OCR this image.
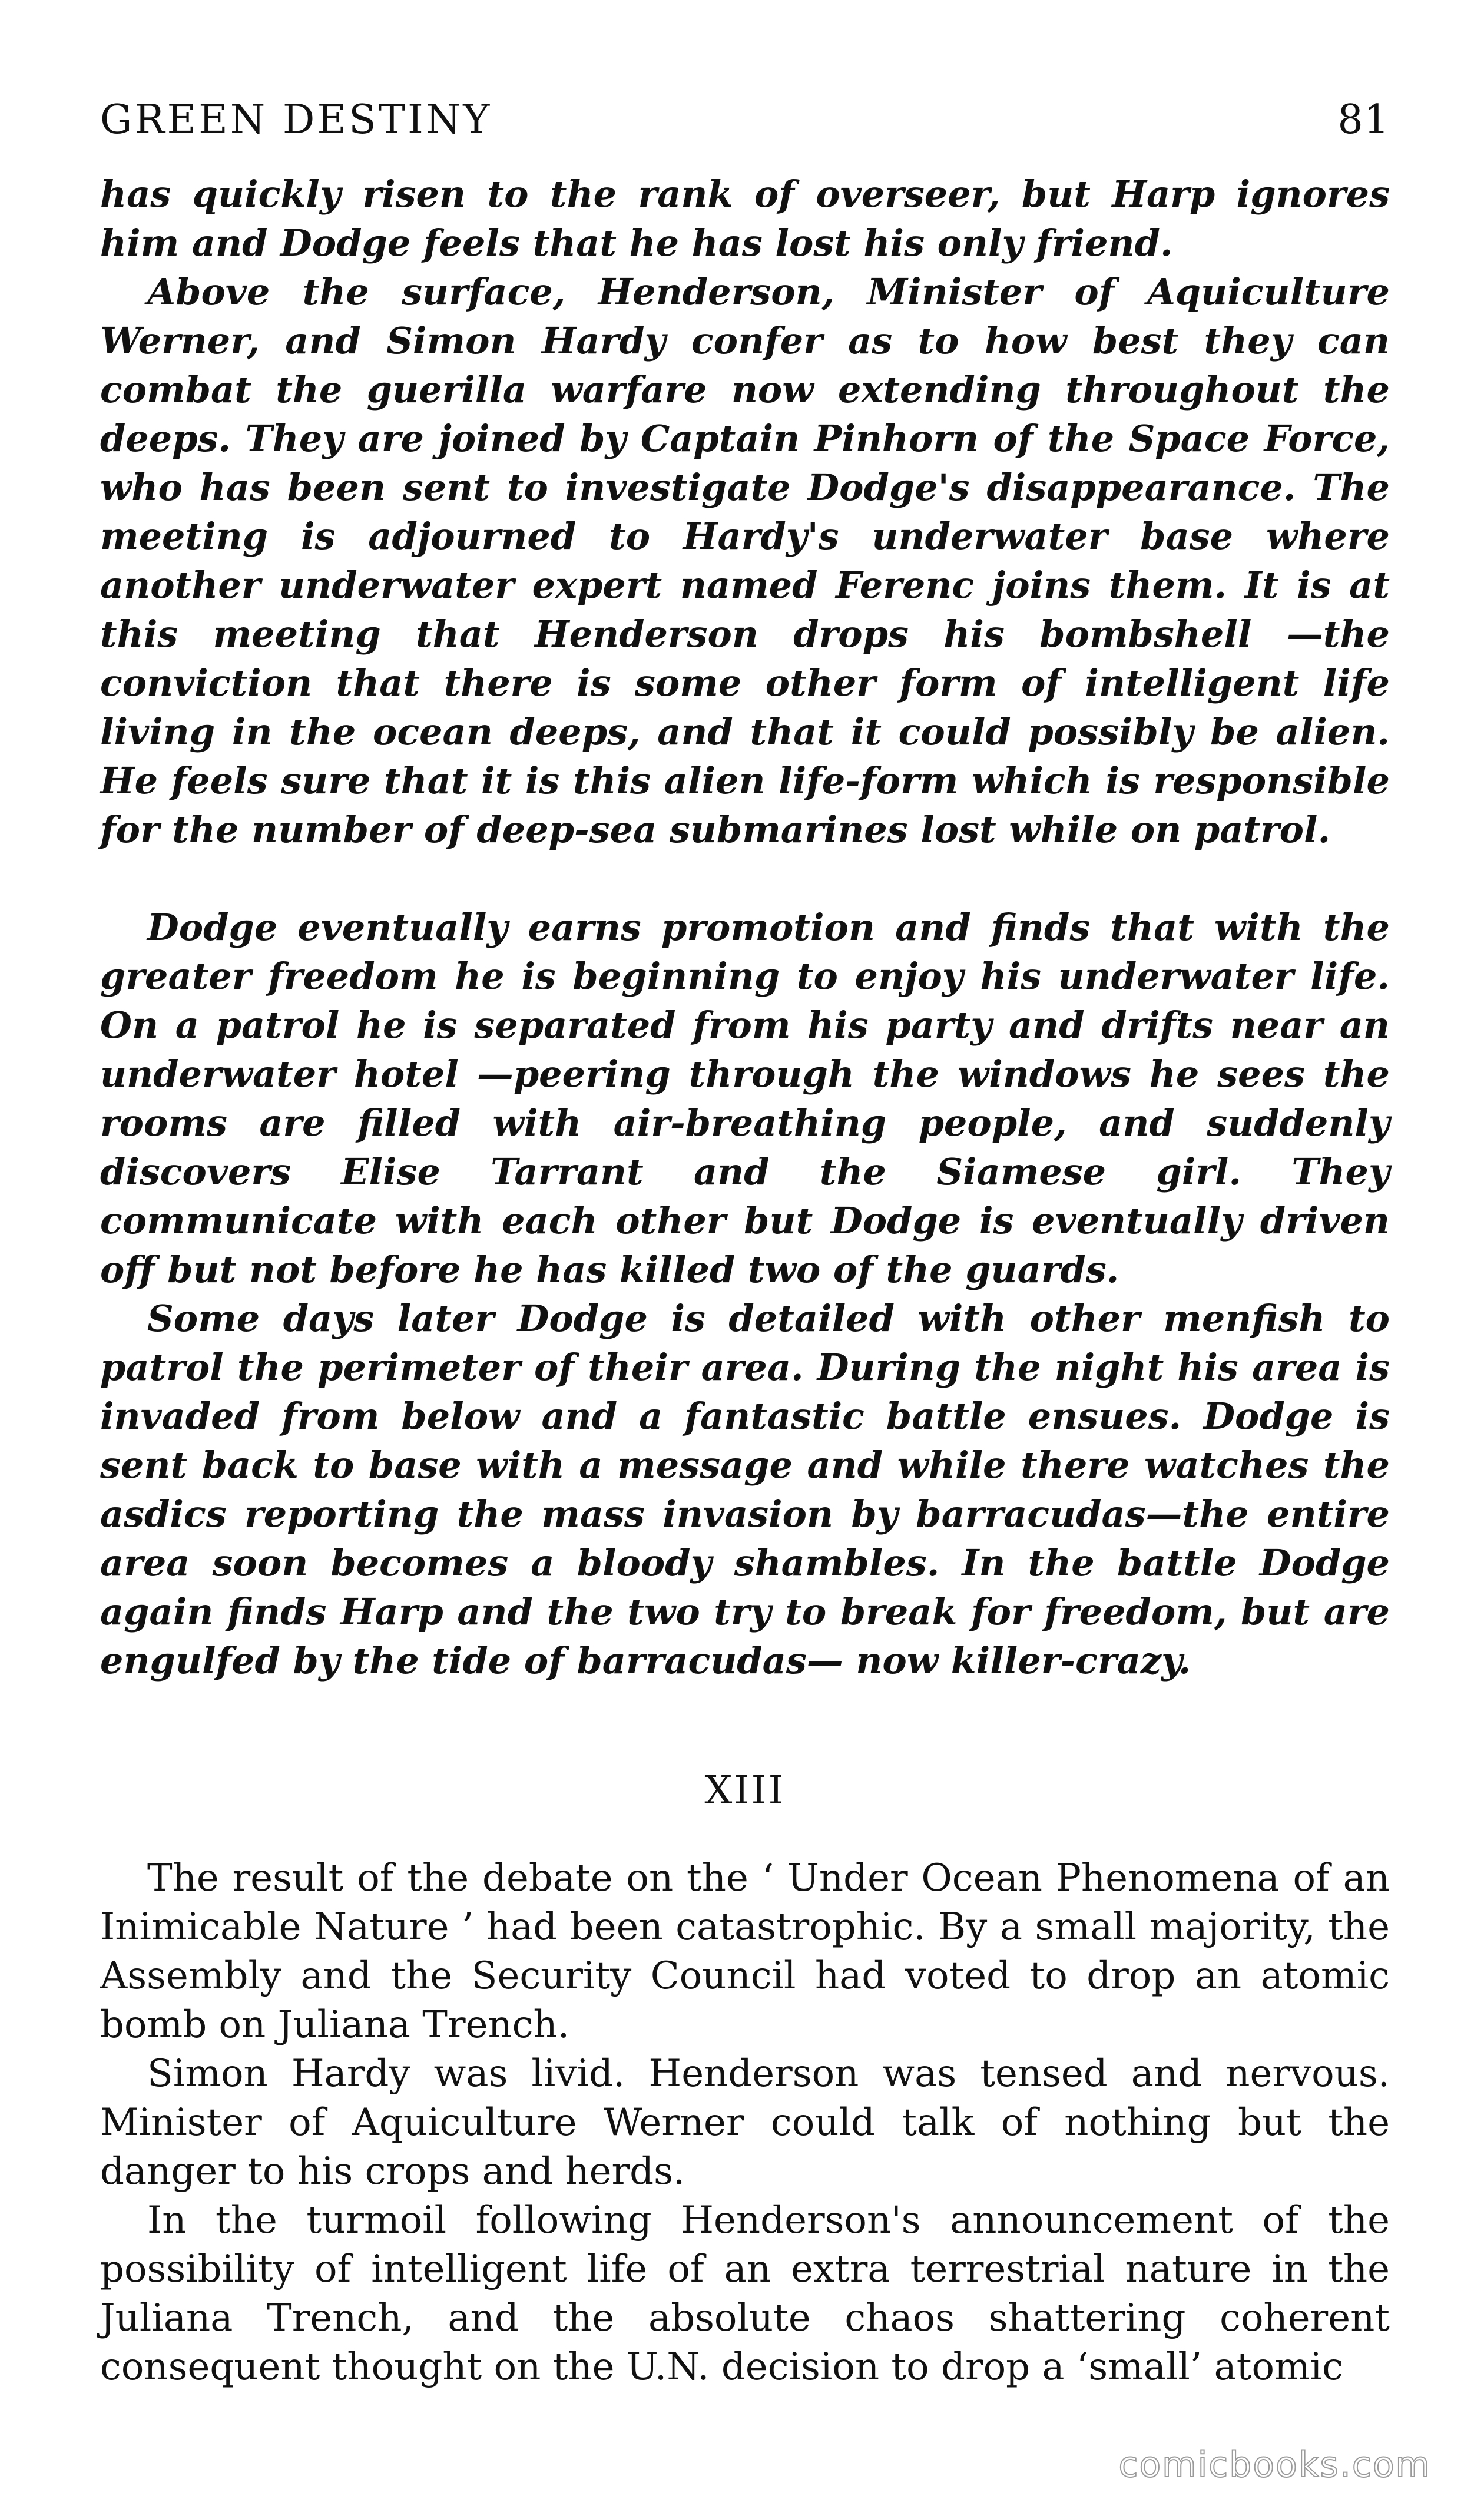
GREEN DESTINY	81

has quickly risen to the rank of overseer, but Harp ignores him and Dodge feels that he has lost his only friend.

Above the surface, Henderson, Minister of Aquiculture Werner, and Simon Hardy confer as to how best they can combat the guerilla warfare now extending throughout the deeps. They are joined by Captain Pinhorn of the Space Force, who has been sent to investigate Dodge's disappearance. The meeting is adjourned to Hardy's underwater base where another underwater expert named Ferenc joins them. It is at this meeting that Henderson drops his bombshell —the conviction that there is some other form of intelligent life living in the ocean deeps, and that it could possibly be alien. He feels sure that it is this alien life-form which is responsible for the number of deep-sea submarines lost while on patrol.

Dodge eventually earns promotion and finds that with the greater freedom he is beginning to enjoy his underwater life. On a patrol he is separated from his party and drifts near an underwater hotel —peering through the windows he sees the rooms are filled with air-breathing people, and suddenly discovers Elise Tarrant and the Siamese girl. They communicate with each other but Dodge is eventually driven off but not before he has killed two of the guards.

Some days later Dodge is detailed with other menfish to patrol the perimeter of their area. During the night his area is invaded from below and a fantastic battle ensues. Dodge is sent back to base with a message and while there watches the asdics reporting the mass invasion by barracudas—the entire area soon becomes a bloody shambles. In the battle Dodge again finds Harp and the two try to break for freedom, but are engulfed by the tide of barracudas— now killer-crazy.

XIII

The result of the debate on the ‘ Under Ocean Phenomena of an Inimicable Nature ’ had been catastrophic. By a small majority, the Assembly and the Security Council had voted to drop an atomic bomb on Juliana Trench.

Simon Hardy was livid. Henderson was tensed and nervous. Minister of Aquiculture Werner could talk of nothing but the danger to his crops and herds.

In the turmoil following Henderson's announcement of the possibility of intelligent life of an extra terrestrial nature in the Juliana Trench, and the absolute chaos shattering coherent consequent thought on the U.N. decision to drop a ‘small’ atomic

comicbooks.com
